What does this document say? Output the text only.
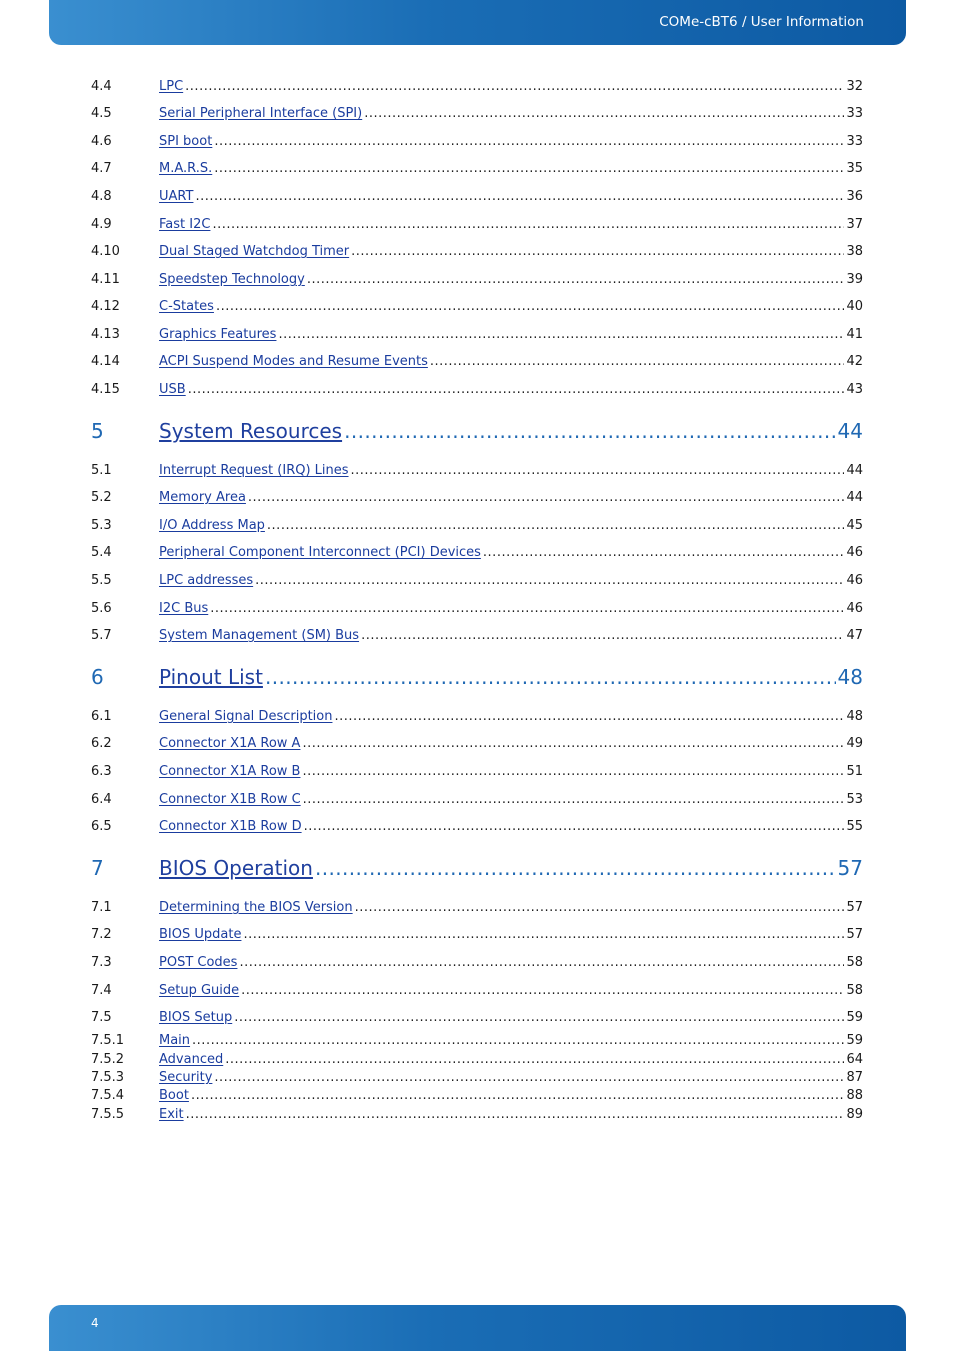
COMe-cBT6 / User Information
4.4	LPC .....	32
4.5	Serial Peripheral Interface (SPI) .....	33
4.6	SPI boot .....	33
4.7	M.A.R.S. .....	35
4.8	UART .....	36
4.9	Fast I2C .....	37
4.10	Dual Staged Watchdog Timer .....	38
4.11	Speedstep Technology .....	39
4.12	C-States .....	40
4.13	Graphics Features .....	41
4.14	ACPI Suspend Modes and Resume Events .....	42
4.15	USB .....	43
5	System Resources .....	44
5.1	Interrupt Request (IRQ) Lines .....	44
5.2	Memory Area .....	44
5.3	I/O Address Map .....	45
5.4	Peripheral Component Interconnect (PCI) Devices .....	46
5.5	LPC addresses .....	46
5.6	I2C Bus .....	46
5.7	System Management (SM) Bus .....	47
6	Pinout List .....	48
6.1	General Signal Description .....	48
6.2	Connector X1A Row A .....	49
6.3	Connector X1A Row B .....	51
6.4	Connector X1B Row C .....	53
6.5	Connector X1B Row D .....	55
7	BIOS Operation .....	57
7.1	Determining the BIOS Version .....	57
7.2	BIOS Update .....	57
7.3	POST Codes .....	58
7.4	Setup Guide .....	58
7.5	BIOS Setup .....	59
7.5.1	Main .....	59
7.5.2	Advanced .....	64
7.5.3	Security .....	87
7.5.4	Boot .....	88
7.5.5	Exit .....	89
4
